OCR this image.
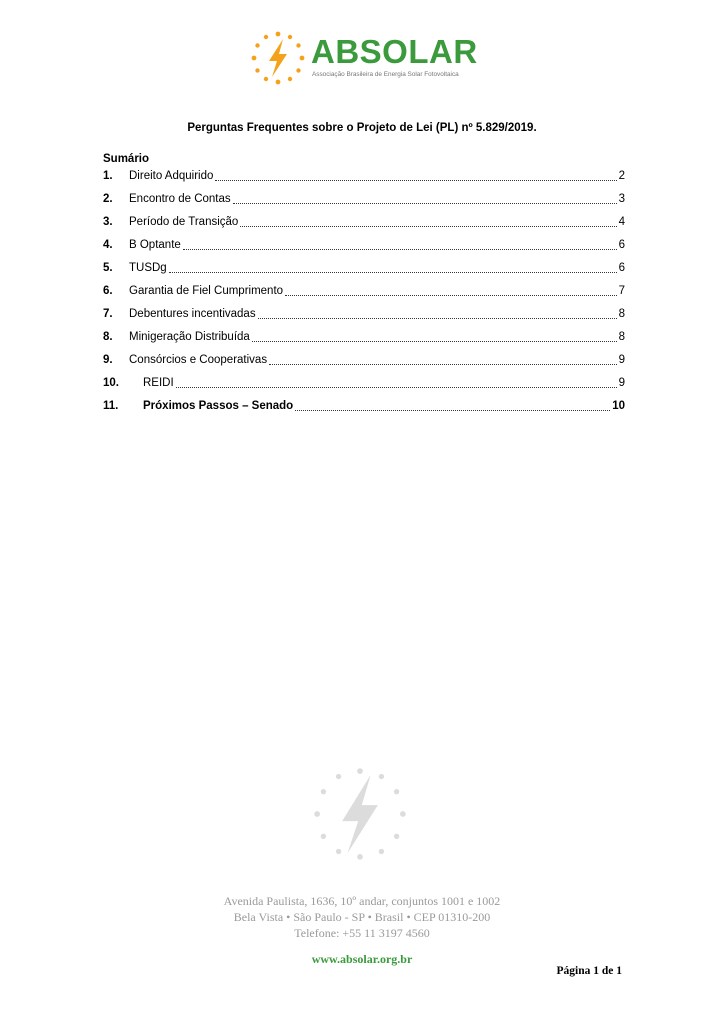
ABSOLAR
Associação Brasileira de Energia Solar Fotovoltaica
Perguntas Frequentes sobre o Projeto de Lei (PL) nº 5.829/2019.
Sumário
1.	Direito Adquirido	2
2.	Encontro de Contas	3
3.	Período de Transição	4
4.	B Optante	6
5.	TUSDg	6
6.	Garantia de Fiel Cumprimento	7
7.	Debentures incentivadas	8
8.	Minigeração Distribuída	8
9.	Consórcios e Cooperativas	9
10.	REIDI	9
11.	Próximos Passos – Senado	10
Avenida Paulista, 1636, 10º andar, conjuntos 1001 e 1002
Bela Vista • São Paulo - SP • Brasil • CEP 01310-200
Telefone: +55 11 3197 4560
www.absolar.org.br
Página 1 de 1
